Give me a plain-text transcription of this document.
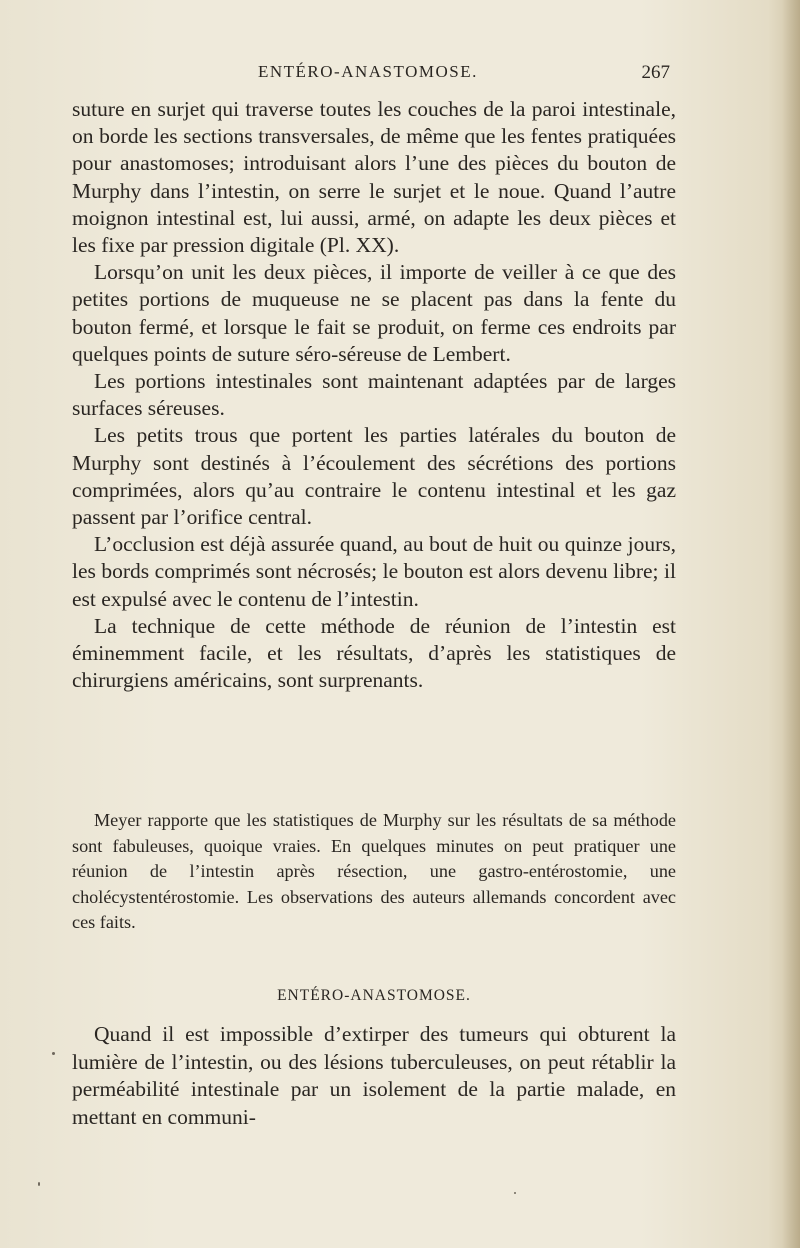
ENTÉRO-ANASTOMOSE.	267

suture en surjet qui traverse toutes les couches de la paroi intestinale, on borde les sections transversales, de même que les fentes pratiquées pour anastomoses; introduisant alors l’une des pièces du bouton de Murphy dans l’intestin, on serre le surjet et le noue. Quand l’autre moignon intestinal est, lui aussi, armé, on adapte les deux pièces et les fixe par pression digitale (Pl. XX).

Lorsqu’on unit les deux pièces, il importe de veiller à ce que des petites portions de muqueuse ne se placent pas dans la fente du bouton fermé, et lorsque le fait se produit, on ferme ces endroits par quelques points de suture séro-séreuse de Lembert.

Les portions intestinales sont maintenant adaptées par de larges surfaces séreuses.

Les petits trous que portent les parties latérales du bouton de Murphy sont destinés à l’écoulement des sécrétions des portions comprimées, alors qu’au contraire le contenu intestinal et les gaz passent par l’orifice central.

L’occlusion est déjà assurée quand, au bout de huit ou quinze jours, les bords comprimés sont nécrosés; le bouton est alors devenu libre; il est expulsé avec le contenu de l’intestin.

La technique de cette méthode de réunion de l’intestin est éminemment facile, et les résultats, d’après les statistiques de chirurgiens américains, sont surprenants.

Meyer rapporte que les statistiques de Murphy sur les résultats de sa méthode sont fabuleuses, quoique vraies. En quelques minutes on peut pratiquer une réunion de l’intestin après résection, une gastro-entérostomie, une cholécystentérostomie. Les observations des auteurs allemands concordent avec ces faits.

ENTÉRO-ANASTOMOSE.

Quand il est impossible d’extirper des tumeurs qui obturent la lumière de l’intestin, ou des lésions tuberculeuses, on peut rétablir la perméabilité intestinale par un isolement de la partie malade, en mettant en communi-
